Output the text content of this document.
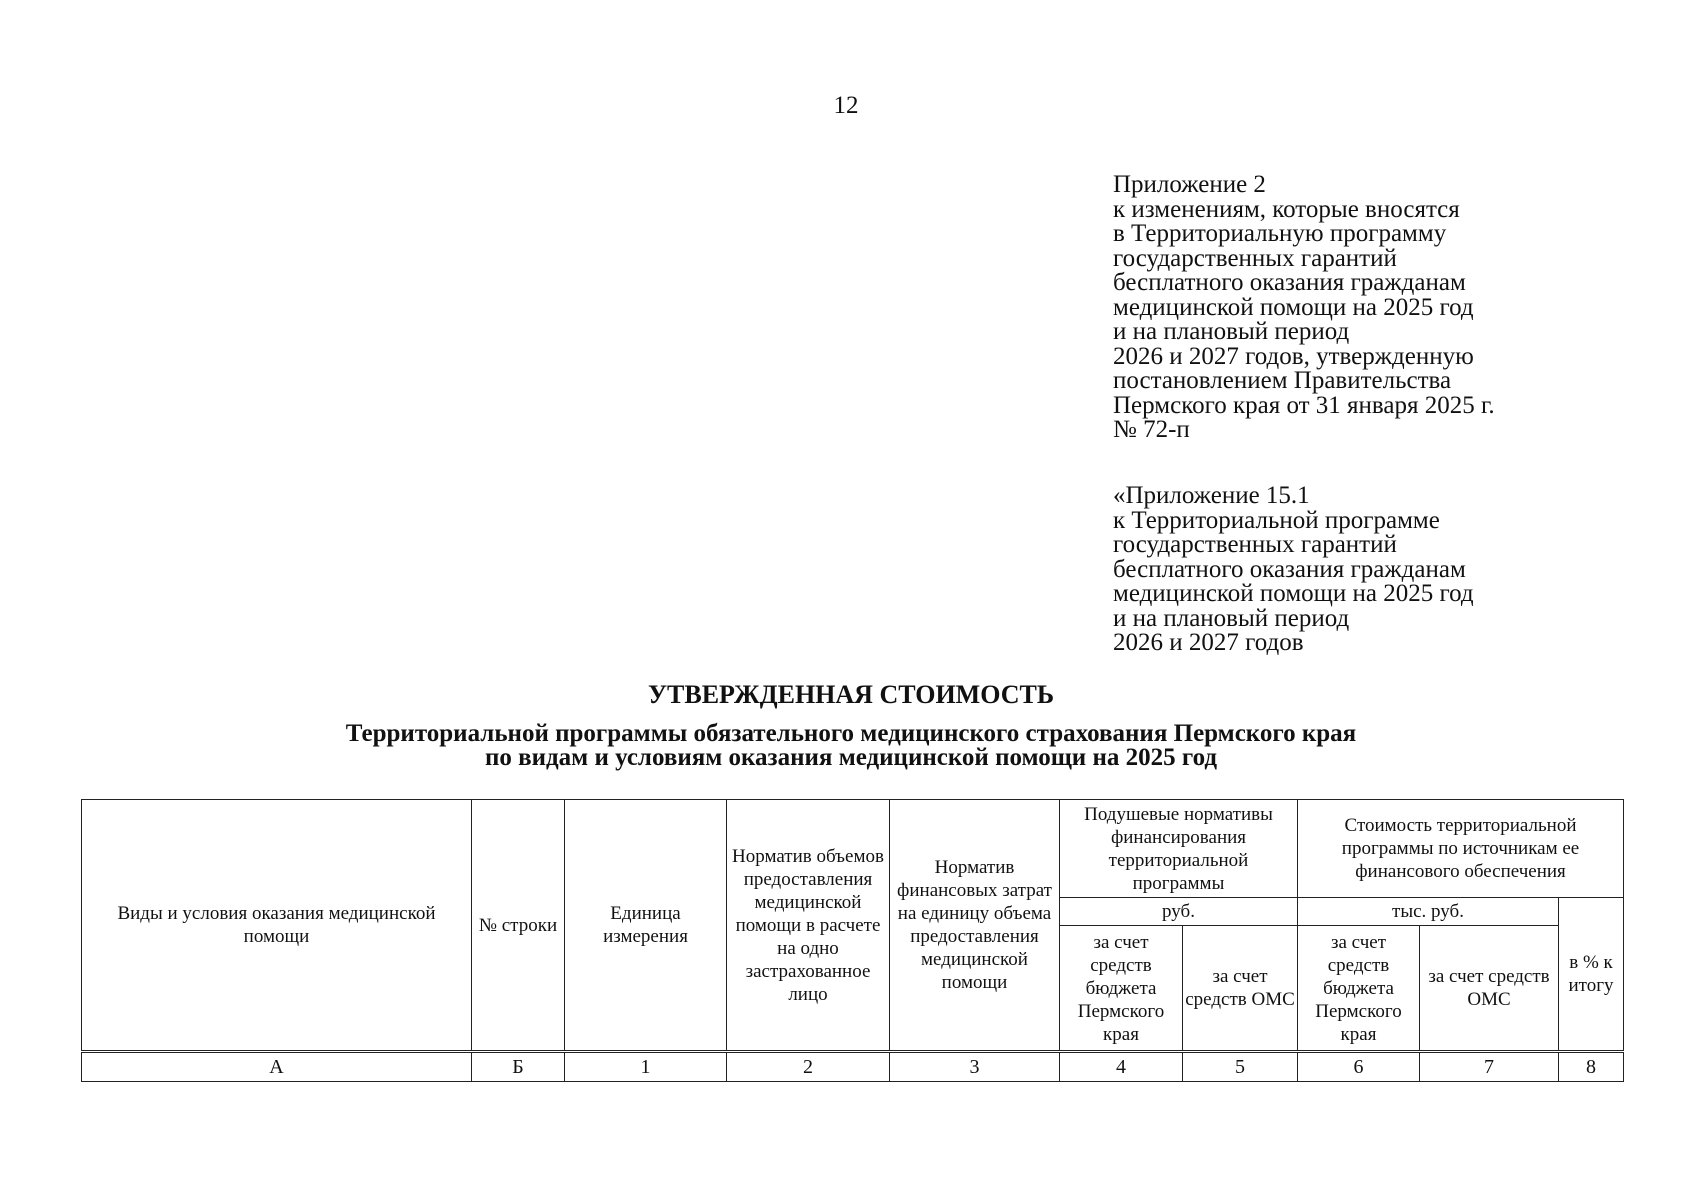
12
Приложение 2
к изменениям, которые вносятся
в Территориальную программу
государственных гарантий
бесплатного оказания гражданам
медицинской помощи на 2025 год
и на плановый период
2026 и 2027 годов, утвержденную
постановлением Правительства
Пермского края от 31 января 2025 г.
№ 72-п
«Приложение 15.1
к Территориальной программе
государственных гарантий
бесплатного оказания гражданам
медицинской помощи на 2025 год
и на плановый период
2026 и 2027 годов
УТВЕРЖДЕННАЯ СТОИМОСТЬ
Территориальной программы обязательного медицинского страхования Пермского края
по видам и условиям оказания медицинской помощи на 2025 год
Виды и условия оказания медицинской помощи	№ строки	Единица измерения	Норматив объемов предоставления медицинской помощи в расчете на одно застрахованное лицо	Норматив финансовых затрат на единицу объема предоставления медицинской помощи	Подушевые нормативы финансирования территориальной программы		Стоимость территориальной программы по источникам ее финансового обеспечения		
					руб.		тыс. руб.		в % к итогу
					за счет средств бюджета Пермского края	за счет средств ОМС	за счет средств бюджета Пермского края	за счет средств ОМС	
А	Б	1	2	3	4	5	6	7	8
